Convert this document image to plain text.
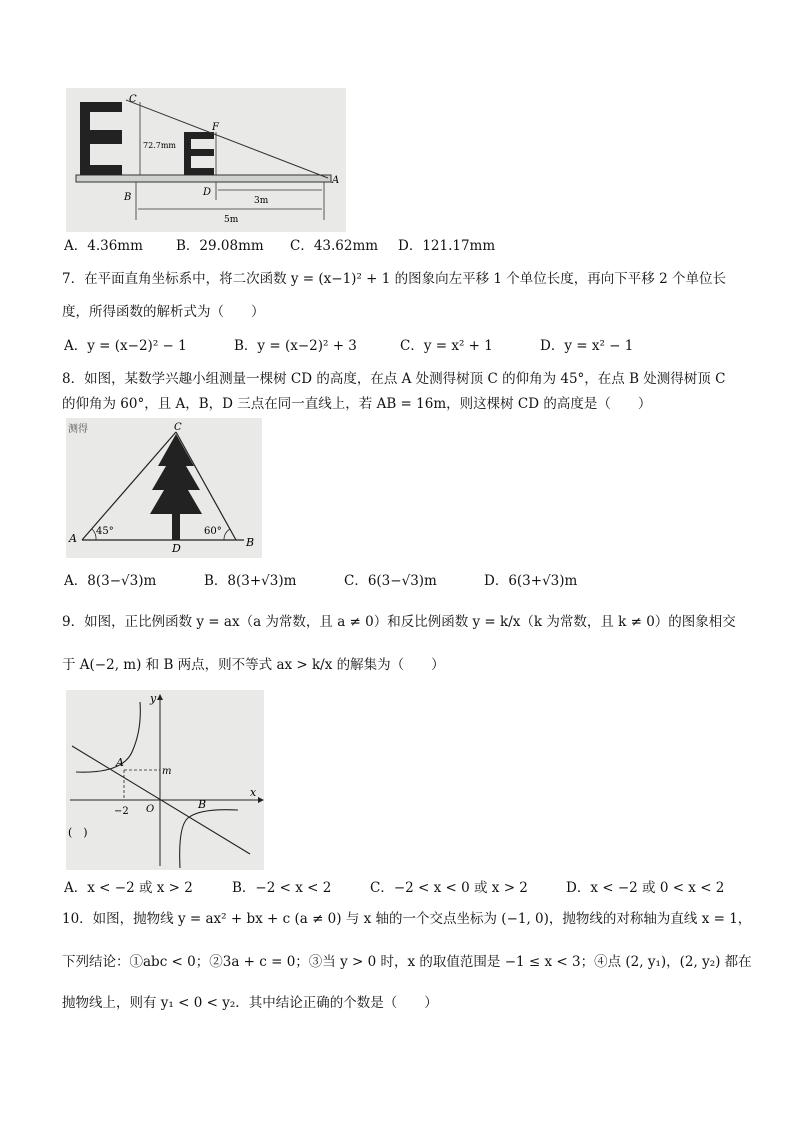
C
F
A
B	D
72.7mm
3m
5m
A．4.36mm B．29.08mm C．43.62mm D．121.17mm
7．在平面直角坐标系中，将二次函数 y = (x−1)² + 1 的图象向左平移 1 个单位长度，再向下平移 2 个单位长
度，所得函数的解析式为（　　）
A．y = (x−2)² − 1	B．y = (x−2)² + 3	C．y = x² + 1	D．y = x² − 1
8．如图，某数学兴趣小组测量一棵树 CD 的高度，在点 A 处测得树顶 C 的仰角为 45°，在点 B 处测得树顶 C
的仰角为 60°，且 A，B，D 三点在同一直线上，若 AB = 16m，则这棵树 CD 的高度是（　　）
测得	C
A
D	B
45°	60°
A．8(3−√3)m	B．8(3+√3)m	C．6(3−√3)m	D．6(3+√3)m
9．如图，正比例函数 y = ax（a 为常数，且 a ≠ 0）和反比例函数 y = k/x（k 为常数，且 k ≠ 0）的图象相交
于 A(−2, m) 和 B 两点，则不等式 ax > k/x 的解集为（　　）
y
x
A
m
−2 O	B
(　)
A．x < −2 或 x > 2	B．−2 < x < 2	C．−2 < x < 0 或 x > 2	D．x < −2 或 0 < x < 2
10．如图，抛物线 y = ax² + bx + c (a ≠ 0) 与 x 轴的一个交点坐标为 (−1, 0)，抛物线的对称轴为直线 x = 1，
下列结论：①abc < 0；②3a + c = 0；③当 y > 0 时，x 的取值范围是 −1 ≤ x < 3；④点 (2, y₁)，(2, y₂) 都在
抛物线上，则有 y₁ < 0 < y₂．其中结论正确的个数是（　　）
